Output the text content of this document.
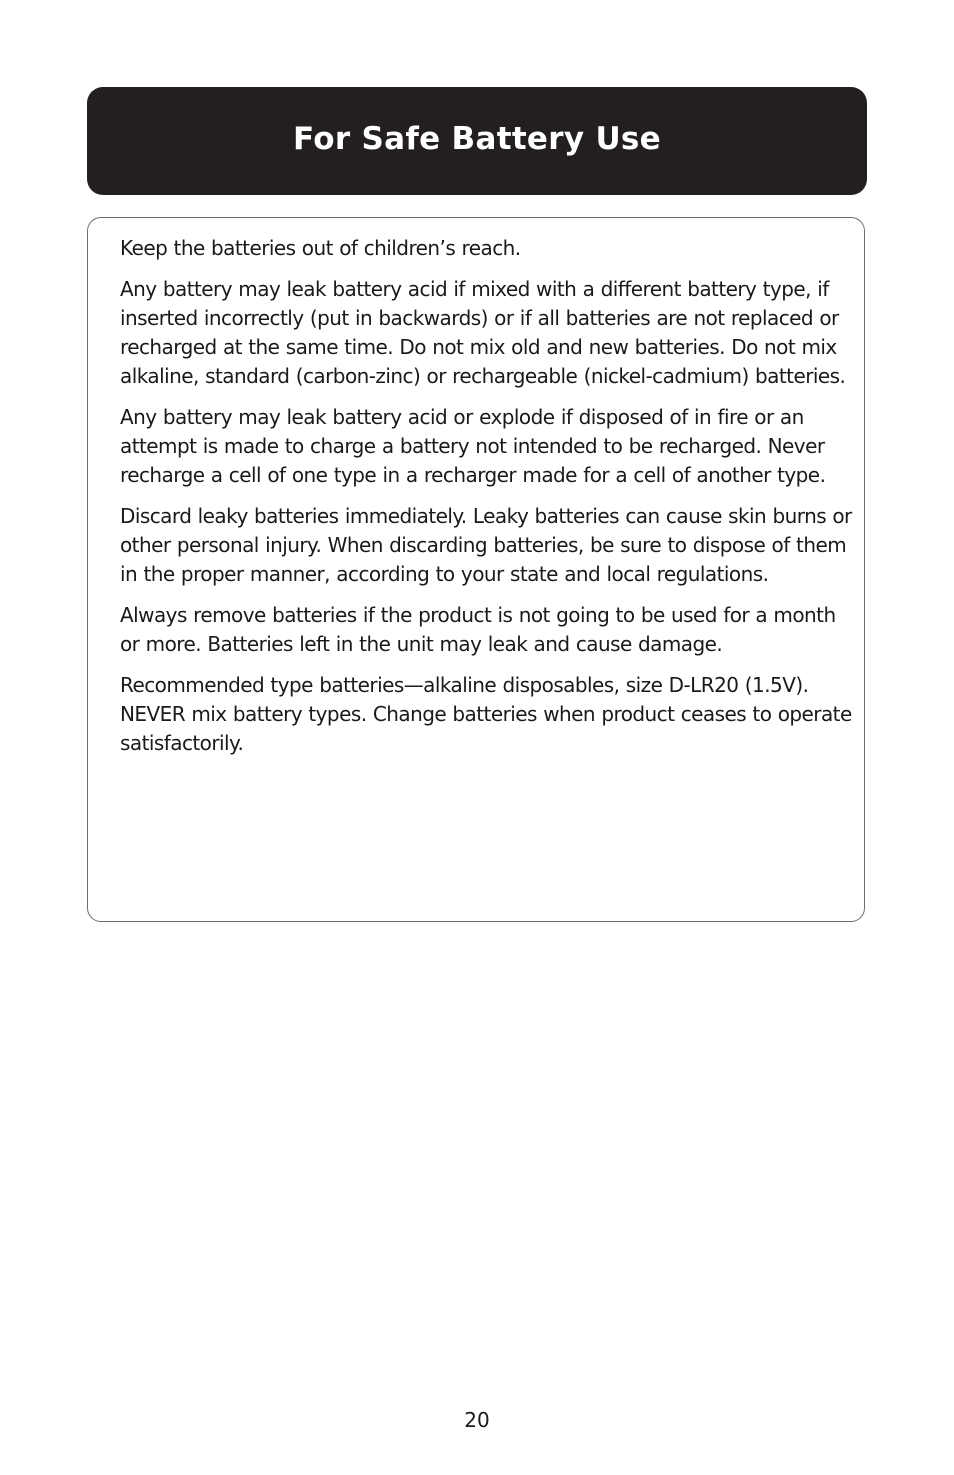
For Safe Battery Use

Keep the batteries out of children’s reach.

Any battery may leak battery acid if mixed with a different battery type, if inserted incorrectly (put in backwards) or if all batteries are not replaced or recharged at the same time. Do not mix old and new batteries. Do not mix alkaline, standard (carbon-zinc) or rechargeable (nickel-cadmium) batteries.

Any battery may leak battery acid or explode if disposed of in fire or an attempt is made to charge a battery not intended to be recharged. Never recharge a cell of one type in a recharger made for a cell of another type.

Discard leaky batteries immediately. Leaky batteries can cause skin burns or other personal injury. When discarding batteries, be sure to dispose of them in the proper manner, according to your state and local regulations.

Always remove batteries if the product is not going to be used for a month or more. Batteries left in the unit may leak and cause damage.

Recommended type batteries—alkaline disposables, size D-LR20 (1.5V). NEVER mix battery types. Change batteries when product ceases to operate satisfactorily.

20
